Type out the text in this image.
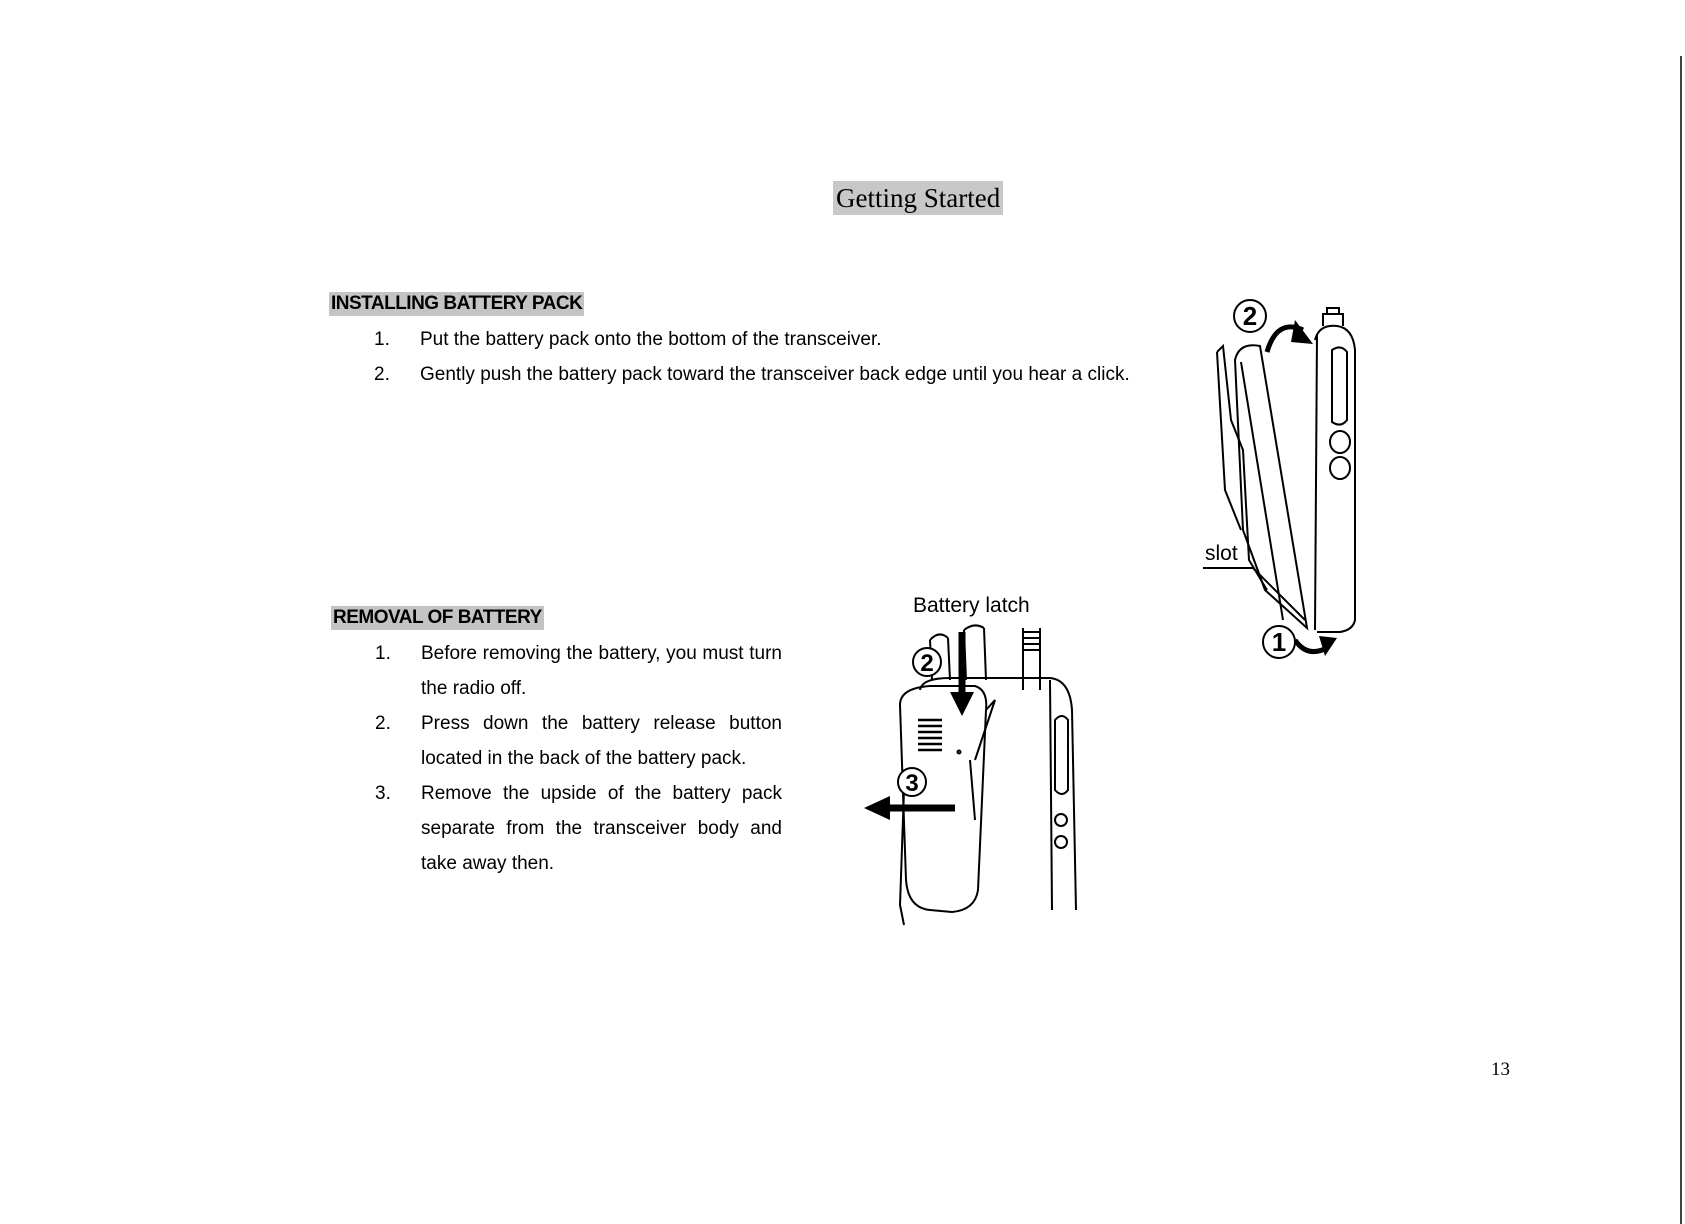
Getting Started
INSTALLING BATTERY PACK
1. Put the battery pack onto the bottom of the transceiver.
2. Gently push the battery pack toward the transceiver back edge until you hear a click.
REMOVAL OF BATTERY
1. Before removing the battery, you must turn the radio off.
2. Press down the battery release button located in the back of the battery pack.
3. Remove the upside of the battery pack separate from the transceiver body and take away then.
Battery latch
2
3
slot
2
1
13
